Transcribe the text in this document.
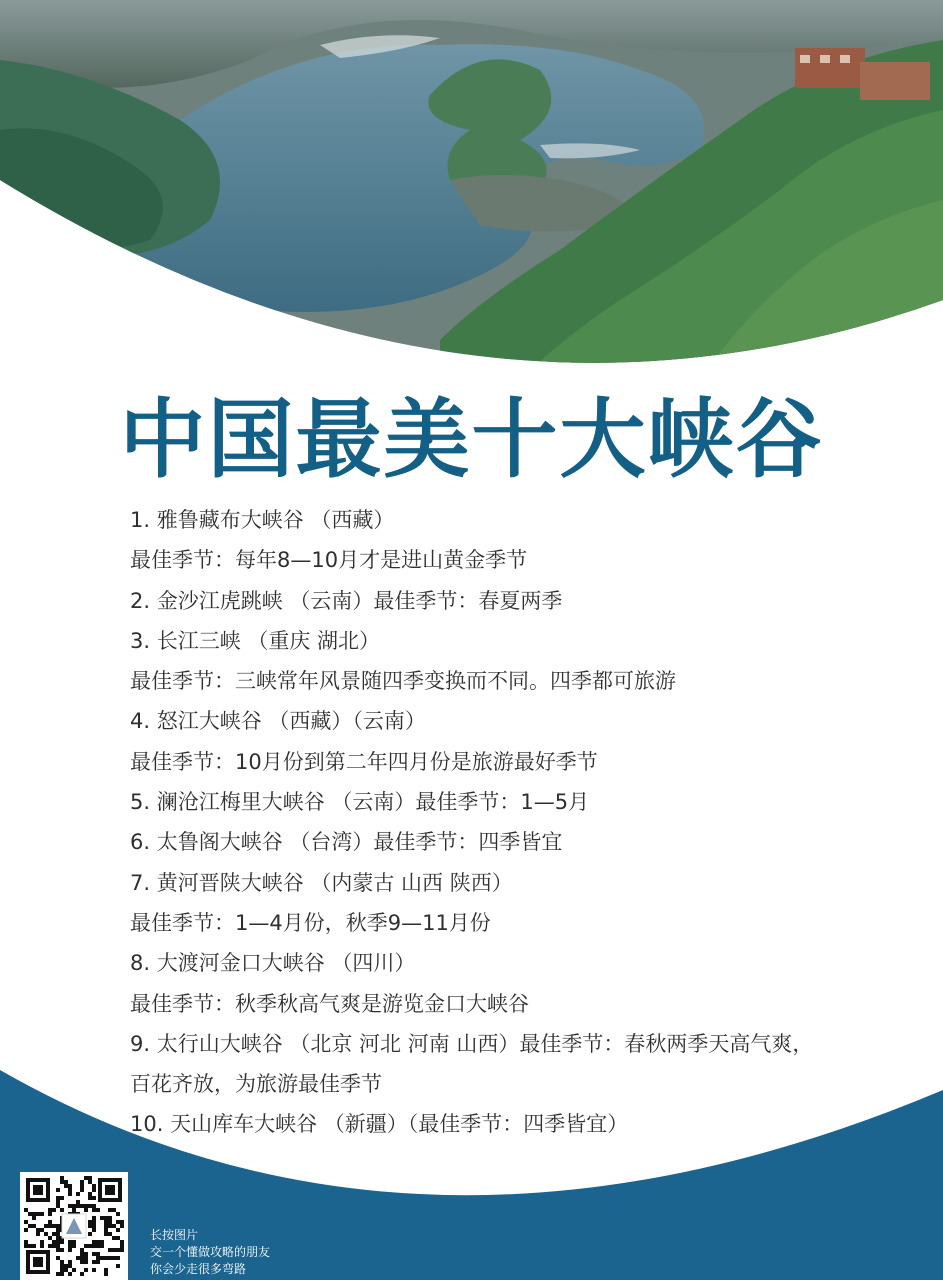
中国最美十大峡谷
1. 雅鲁藏布大峡谷 （西藏）
最佳季节：每年8—10月才是进山黄金季节
2. 金沙江虎跳峡 （云南）最佳季节：春夏两季
3. 长江三峡 （重庆 湖北）
最佳季节：三峡常年风景随四季变换而不同。四季都可旅游
4. 怒江大峡谷 （西藏）（云南）
最佳季节：10月份到第二年四月份是旅游最好季节
5. 澜沧江梅里大峡谷 （云南）最佳季节：1—5月
6. 太鲁阁大峡谷 （台湾）最佳季节：四季皆宜
7. 黄河晋陕大峡谷 （内蒙古 山西 陕西）
最佳季节：1—4月份，秋季9—11月份
8. 大渡河金口大峡谷 （四川）
最佳季节：秋季秋高气爽是游览金口大峡谷
9. 太行山大峡谷 （北京 河北 河南 山西）最佳季节：春秋两季天高气爽，
百花齐放，为旅游最佳季节
10. 天山库车大峡谷 （新疆）（最佳季节：四季皆宜）
长按图片
交一个懂做攻略的朋友
你会少走很多弯路
